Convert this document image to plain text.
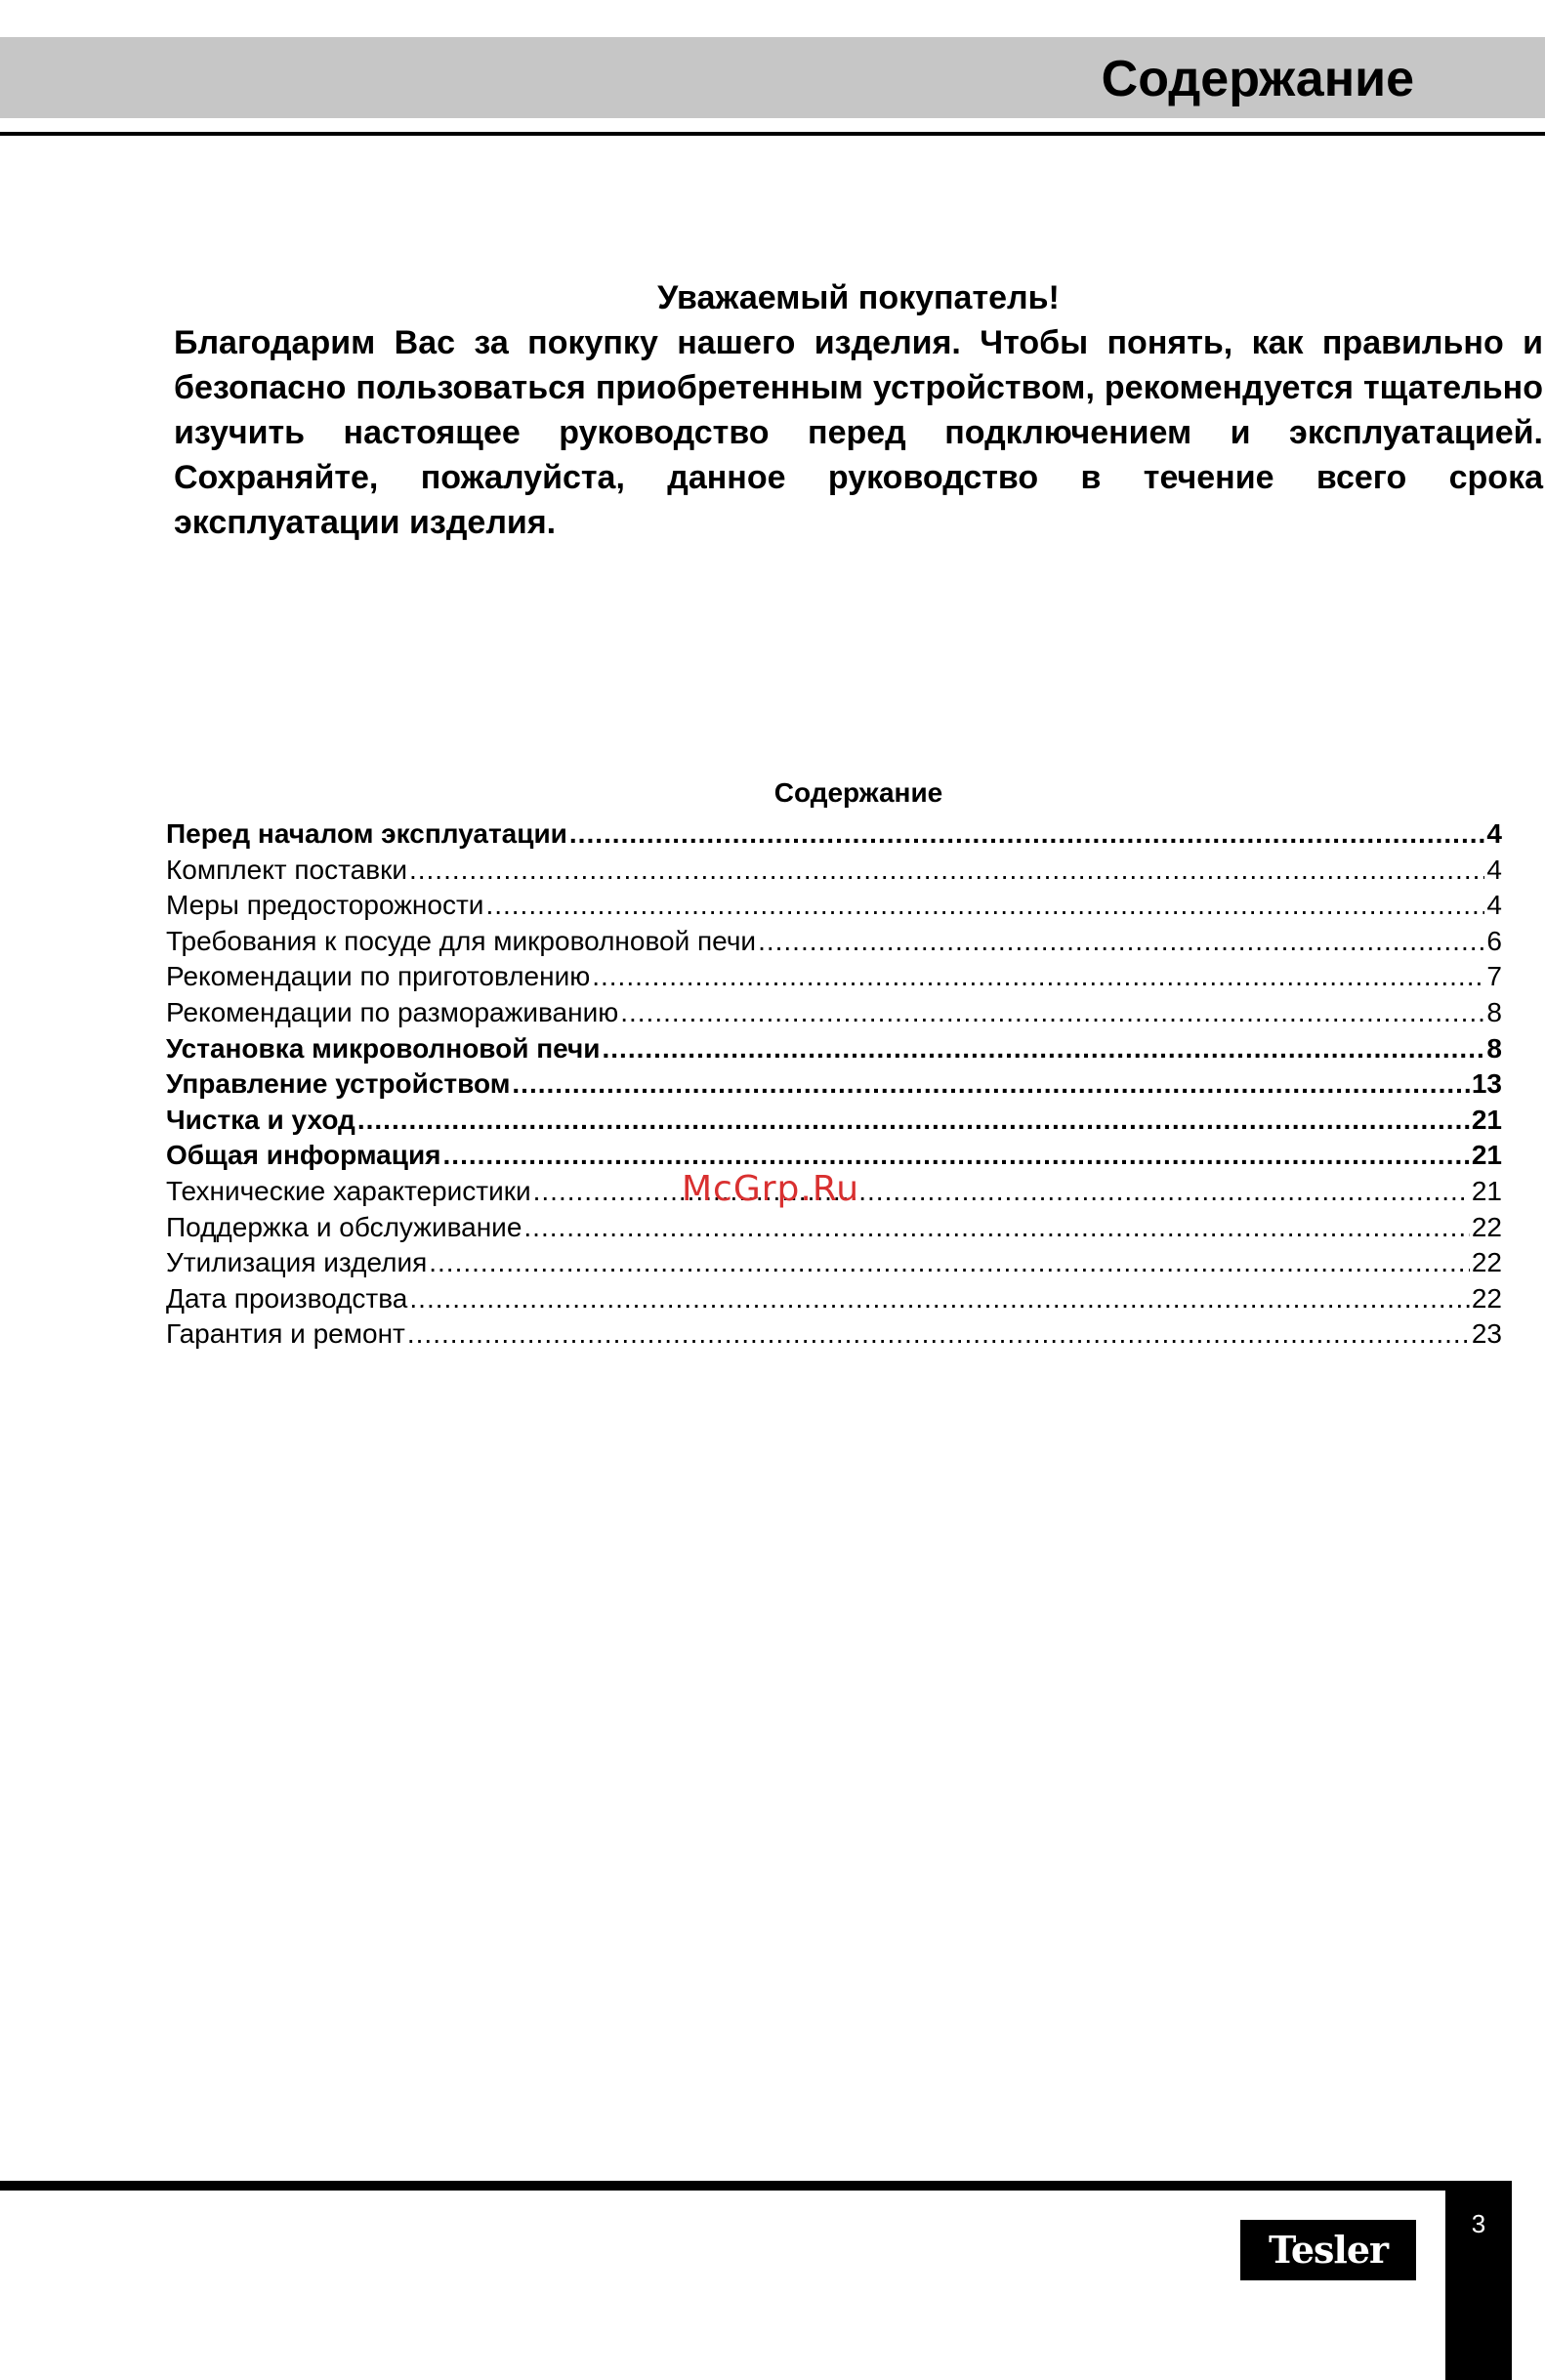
Содержание

Уважаемый покупатель!

Благодарим Вас за покупку нашего изделия. Чтобы понять, как правильно и безопасно пользоваться приобретенным устройством, рекомендуется тщательно изучить настоящее руководство перед подключением и эксплуатацией. Сохраняйте, пожалуйста, данное руководство в течение всего срока эксплуатации изделия.

Содержание
Перед началом эксплуатации .....	4
Комплект поставки .....	4
Меры предосторожности .....	4
Требования к посуде для микроволновой печи .....	6
Рекомендации по приготовлению .....	7
Рекомендации по размораживанию .....	8
Установка микроволновой печи .....	8
Управление устройством .....	13
Чистка и уход .....	21
Общая информация .....	21
Технические характеристики .....	21
Поддержка и обслуживание .....	22
Утилизация изделия .....	22
Дата производства .....	22
Гарантия и ремонт .....	23
McGrp.Ru
3
Tesler
